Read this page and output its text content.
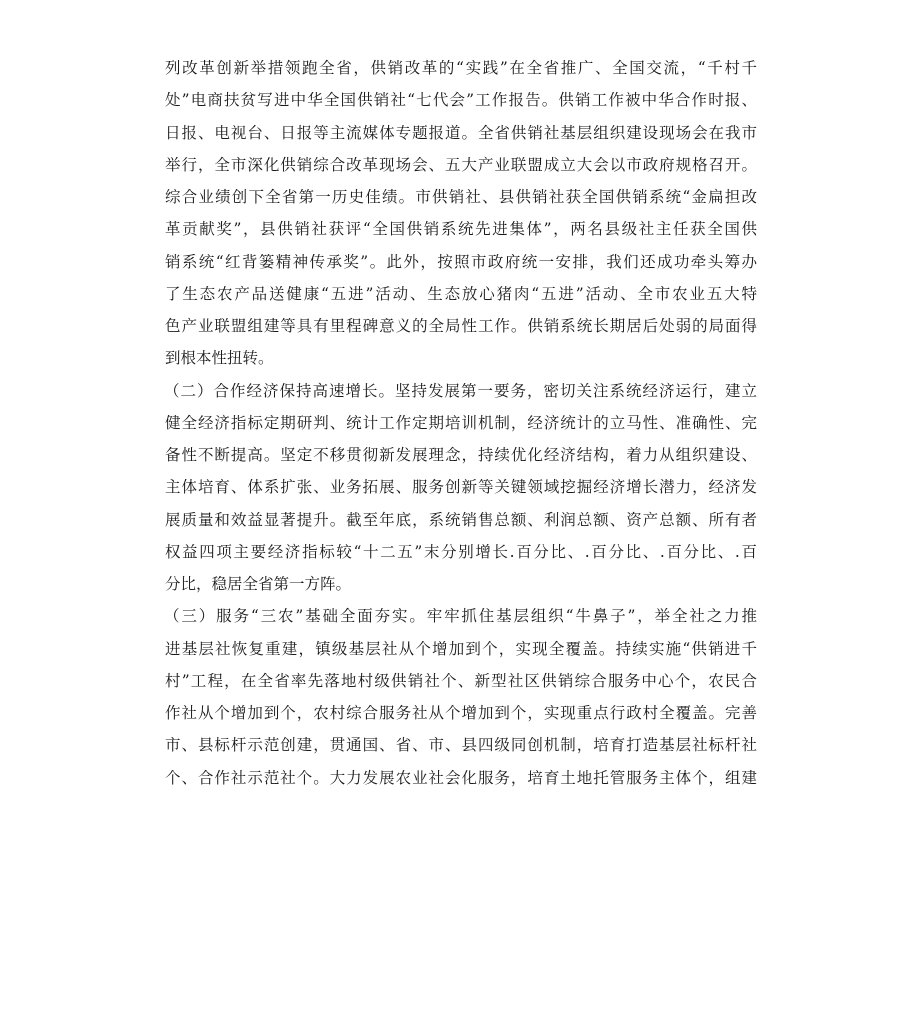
列改革创新举措领跑全省，供销改革的“实践”在全省推广、全国交流，“千村千
处”电商扶贫写进中华全国供销社“七代会”工作报告。供销工作被中华合作时报、
日报、电视台、日报等主流媒体专题报道。全省供销社基层组织建设现场会在我市
举行，全市深化供销综合改革现场会、五大产业联盟成立大会以市政府规格召开。
综合业绩创下全省第一历史佳绩。市供销社、县供销社获全国供销系统“金扁担改
革贡献奖”，县供销社获评“全国供销系统先进集体”，两名县级社主任获全国供
销系统“红背篓精神传承奖”。此外，按照市政府统一安排，我们还成功牵头筹办
了生态农产品送健康“五进”活动、生态放心猪肉“五进”活动、全市农业五大特
色产业联盟组建等具有里程碑意义的全局性工作。供销系统长期居后处弱的局面得
到根本性扭转。
（二）合作经济保持高速增长。坚持发展第一要务，密切关注系统经济运行，建立
健全经济指标定期研判、统计工作定期培训机制，经济统计的立马性、准确性、完
备性不断提高。坚定不移贯彻新发展理念，持续优化经济结构，着力从组织建设、
主体培育、体系扩张、业务拓展、服务创新等关键领域挖掘经济增长潜力，经济发
展质量和效益显著提升。截至年底，系统销售总额、利润总额、资产总额、所有者
权益四项主要经济指标较“十二五”末分别增长.百分比、.百分比、.百分比、.百
分比，稳居全省第一方阵。
（三）服务“三农”基础全面夯实。牢牢抓住基层组织“牛鼻子”，举全社之力推
进基层社恢复重建，镇级基层社从个增加到个，实现全覆盖。持续实施“供销进千
村”工程，在全省率先落地村级供销社个、新型社区供销综合服务中心个，农民合
作社从个增加到个，农村综合服务社从个增加到个，实现重点行政村全覆盖。完善
市、县标杆示范创建，贯通国、省、市、县四级同创机制，培育打造基层社标杆社
个、合作社示范社个。大力发展农业社会化服务，培育土地托管服务主体个，组建
